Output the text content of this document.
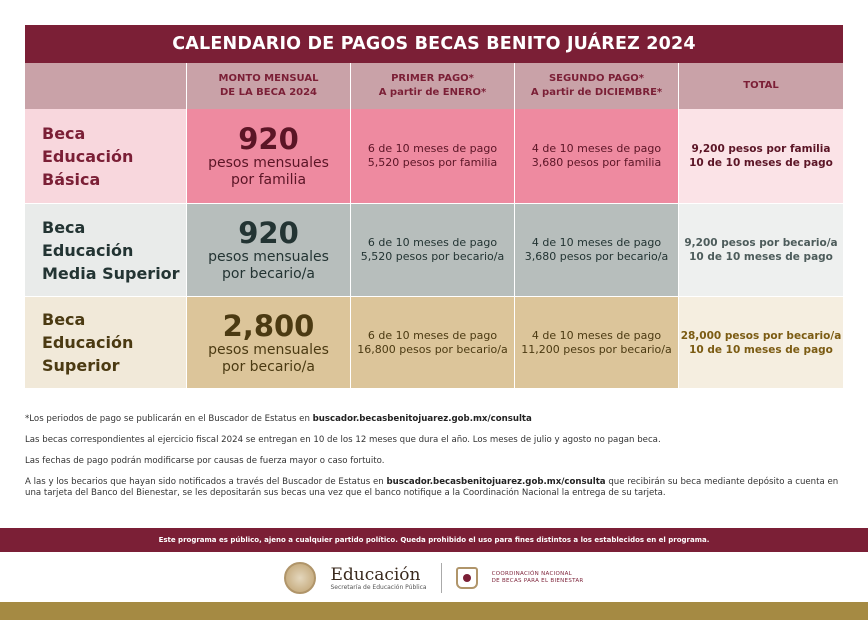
CALENDARIO DE PAGOS BECAS BENITO JUÁREZ 2024
MONTO MENSUAL
DE LA BECA 2024
PRIMER PAGO*
A partir de ENERO*
SEGUNDO PAGO*
A partir de DICIEMBRE*
TOTAL
Beca
Educación
Básica
920
pesos mensuales
por familia
6 de 10 meses de pago
5,520 pesos por familia
4 de 10 meses de pago
3,680 pesos por familia
9,200 pesos por familia
10 de 10 meses de pago
Beca
Educación
Media Superior
920
pesos mensuales
por becario/a
6 de 10 meses de pago
5,520 pesos por becario/a
4 de 10 meses de pago
3,680 pesos por becario/a
9,200 pesos por becario/a
10 de 10 meses de pago
Beca
Educación
Superior
2,800
pesos mensuales
por becario/a
6 de 10 meses de pago
16,800 pesos por becario/a
4 de 10 meses de pago
11,200 pesos por becario/a
28,000 pesos por becario/a
10 de 10 meses de pago

*Los periodos de pago se publicarán en el Buscador de Estatus en buscador.becasbenitojuarez.gob.mx/consulta

Las becas correspondientes al ejercicio fiscal 2024 se entregan en 10 de los 12 meses que dura el año. Los meses de julio y agosto no pagan beca.

Las fechas de pago podrán modificarse por causas de fuerza mayor o caso fortuito.

A las y los becarios que hayan sido notificados a través del Buscador de Estatus en buscador.becasbenitojuarez.gob.mx/consulta que recibirán su beca mediante depósito a cuenta en una tarjeta del Banco del Bienestar, se les depositarán sus becas una vez que el banco notifique a la Coordinación Nacional la entrega de su tarjeta.

Este programa es público, ajeno a cualquier partido político. Queda prohibido el uso para fines distintos a los establecidos en el programa.
Educación
Secretaría de Educación Pública
COORDINACIÓN NACIONAL
DE BECAS PARA EL BIENESTAR
